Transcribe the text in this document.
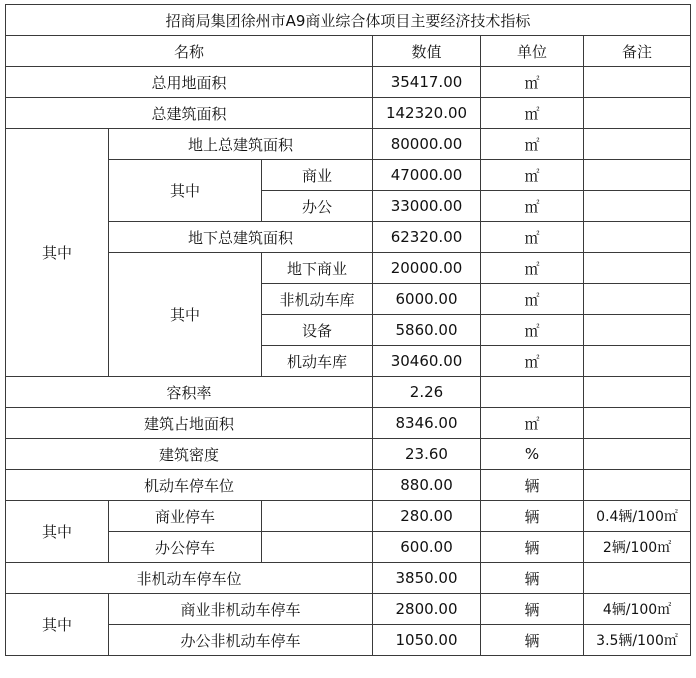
招商局集团徐州市A9商业综合体项目主要经济技术指标					
名称			数值	单位	备注
总用地面积			35417.00	㎡	
总建筑面积			142320.00	㎡	
其中	地上总建筑面积		80000.00	㎡	
	其中	商业	47000.00	㎡	
		办公	33000.00	㎡	
	地下总建筑面积		62320.00	㎡	
	其中	地下商业	20000.00	㎡	
		非机动车库	6000.00	㎡	
		设备	5860.00	㎡	
		机动车库	30460.00	㎡	
容积率			2.26		
建筑占地面积			8346.00	㎡	
建筑密度			23.60	%	
机动车停车位			880.00	辆	
其中	商业停车		280.00	辆	0.4辆/100㎡
	办公停车		600.00	辆	2辆/100㎡
非机动车停车位			3850.00	辆	
其中	商业非机动车停车		2800.00	辆	4辆/100㎡
	办公非机动车停车		1050.00	辆	3.5辆/100㎡
